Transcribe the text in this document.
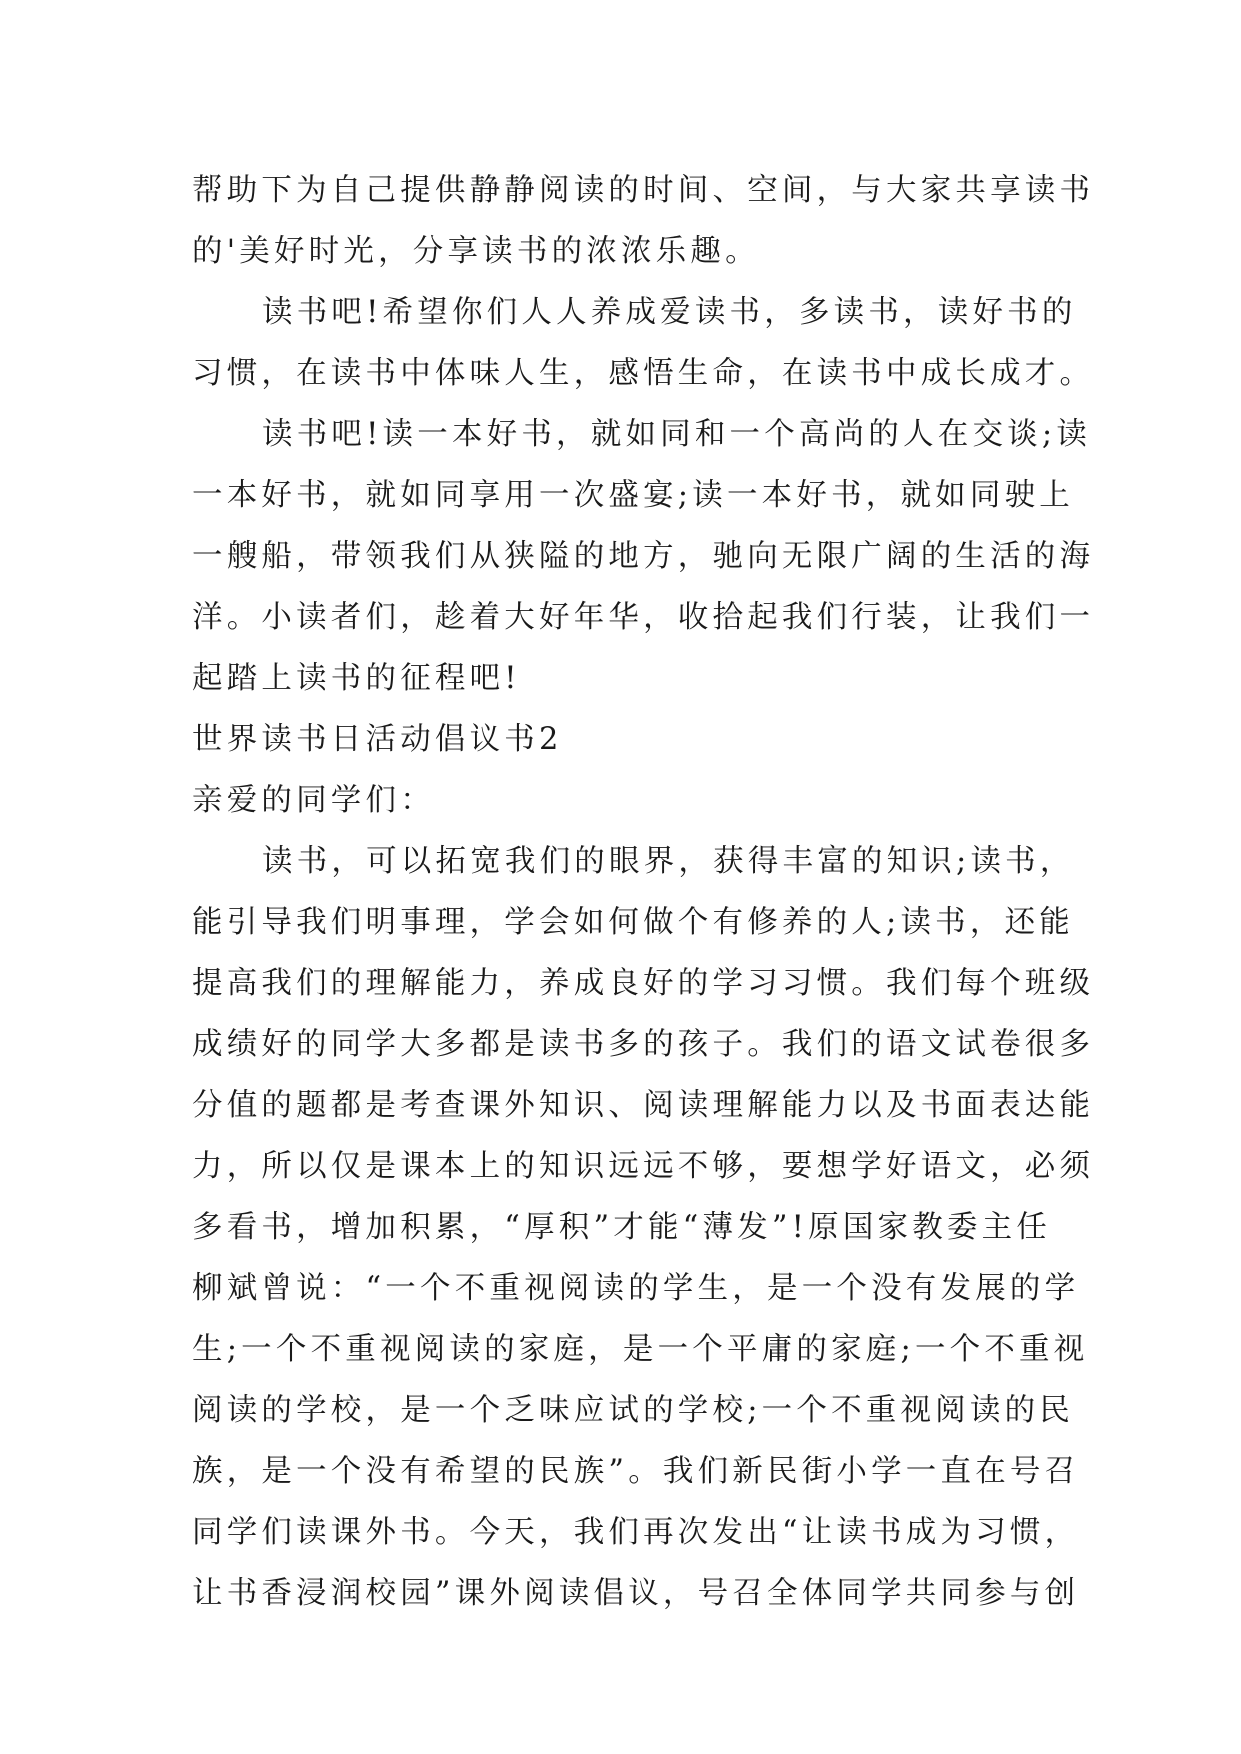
帮助下为自己提供静静阅读的时间、空间，与大家共享读书

的'美好时光，分享读书的浓浓乐趣。

读书吧!希望你们人人养成爱读书，多读书，读好书的

习惯，在读书中体味人生，感悟生命，在读书中成长成才。

读书吧!读一本好书，就如同和一个高尚的人在交谈;读

一本好书，就如同享用一次盛宴;读一本好书，就如同驶上

一艘船，带领我们从狭隘的地方，驰向无限广阔的生活的海

洋。小读者们，趁着大好年华，收拾起我们行装，让我们一

起踏上读书的征程吧!

世界读书日活动倡议书2

亲爱的同学们：

读书，可以拓宽我们的眼界，获得丰富的知识;读书，

能引导我们明事理，学会如何做个有修养的人;读书，还能

提高我们的理解能力，养成良好的学习习惯。我们每个班级

成绩好的同学大多都是读书多的孩子。我们的语文试卷很多

分值的题都是考查课外知识、阅读理解能力以及书面表达能

力，所以仅是课本上的知识远远不够，要想学好语文，必须

多看书，增加积累，“厚积”才能“薄发”!原国家教委主任

柳斌曾说：“一个不重视阅读的学生，是一个没有发展的学

生;一个不重视阅读的家庭，是一个平庸的家庭;一个不重视

阅读的学校，是一个乏味应试的学校;一个不重视阅读的民

族，是一个没有希望的民族”。我们新民街小学一直在号召

同学们读课外书。今天，我们再次发出“让读书成为习惯，

让书香浸润校园”课外阅读倡议，号召全体同学共同参与创
